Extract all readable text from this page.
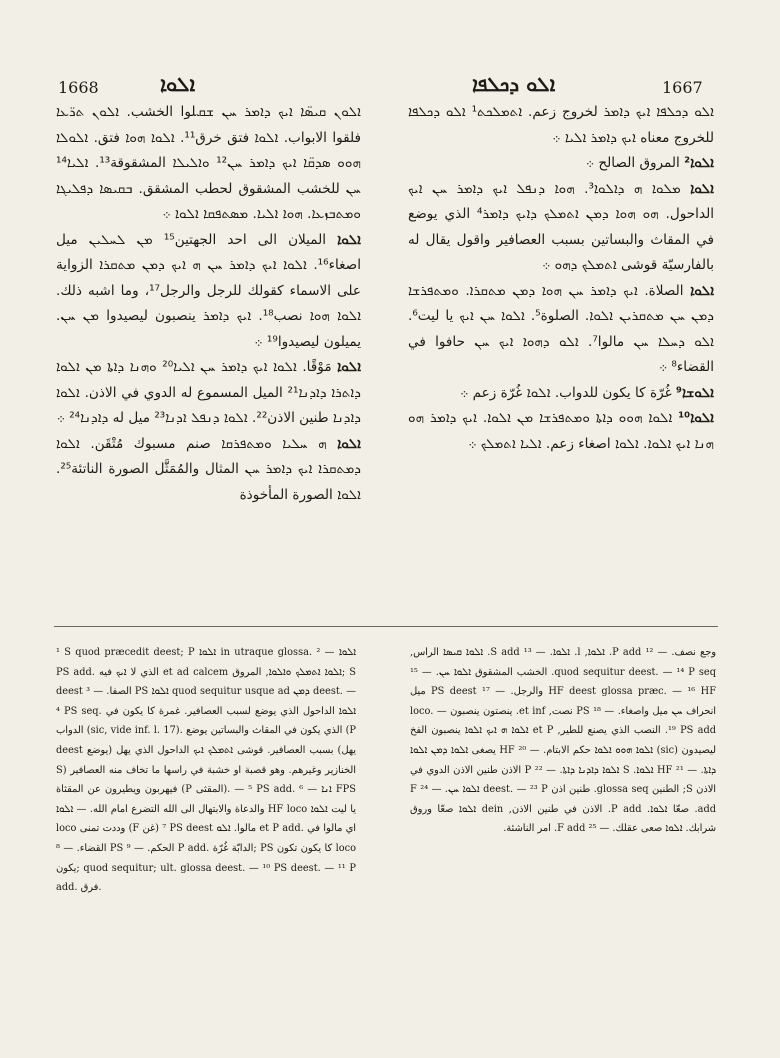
1668	ܐܠܘܐ	ܐܠܘ ܕܟܠܦܐ	1667

ܐܠܘܢ ܩܝܣ̈ܐ ܐܝܟ ܕܐܡܪ ܚܢ ܫܩﻠﻮﺍ ﺍﻟﺨﺸﺐ. ܐܠܘܢ ܬܪ̈ܥܐ ﻓﻠﻘﻮﺍ ﺍﻻﺑﻮﺍﺏ. ܐܠܘܐ ﻓﺘﻖ ﺧﺮﻕ¹¹. ܐܠܘܐ ܗܘܐ ﻓﺘﻖ. ܐܠܘܠܐ ܗܘܘ ܣܕܩ̈ܐ ܐܝܟ ܕܐܡܪ ܚܢ¹² ܘܐܠܝܠܐ ﺍﻟﻤﺸﻘﻮﻗﺔ¹³. ܐܠܝܐ¹⁴ ܚܢ ﻟﻠﺨﺸﺐ ﺍﻟﻤﺸﻘﻮﻕ ﻟﺤﻄﺐ ﺍﻟﻤﺸﻘﻖ. ܒܩܝܣܐ ܕܦܠܝܓܐ ܘܡܬܒܙܥܐ. ܗܘܐ ܐܠܝܐ. ܡܣܬܦܩܐ ܐܠܘܐ ܀

ܐܠܘܐ ﺍﻟﻤﻴﻼﻥ ﺍﻟﻰ ﺍﺣﺪ ﺍﻟﺠﻬﺘﻴﻦ¹⁵ ܡܢ ܠܚܠܝܢ ﻣﻴﻞ ﺍﺻﻐﺎء¹⁶. ܐܠܘܐ ܐܝܟ ܕܐܡܪ ܚܢ ܗ ܐܝܟ ܕܡܢ ܡܬܩܪܐ ﺍﻟﺰﻭﺍﻳﺔ ﻋﻠﻰ ﺍﻻﺳﻤﺎء ﻛﻘﻮﻟﻚ ﻟﻠﺮﺟﻞ ﻭﺍﻟﺮﺟﻞ¹⁷، ﻭﻣﺎ ﺍﺷﺒﻪ ﺫﻟﻚ. ܐܠܘܐ ܗܘܐ ﻧﺼﺐ¹⁸. ܐܝܟ ܕܐܡܪ ﻳﻨﺼﺒﻮﻥ ﻟﻴﺼﻴﺪﻭﺍ ܡܢ ܚܢ. ﻳﻤﻴﻠﻮﻥ ﻟﻴﺼﻴﺪﻭﺍ¹⁹ ܀

ܐܠܘܐ ﻣَﻮْﻗًﺎ. ܐܠܘܐ ܐܝܟ ܕܐܡܪ ܚܢ ܐܠܝܐ²⁰ ܘܗܢܐ ܕܐܬܐ ܡܢ ܐܠܘܐ ܕܐܬܪܐ ܕܐܕܢܐ²¹ ﺍﻟﻤﻴﻞ ﺍﻟﻤﺴﻤﻮﻉ ﻟﻪ ﺍﻟﺪﻭﻱ ﻓﻲ ﺍﻻﺫﻥ. ܐܠܘܐ ܕܐܕܢܐ ﻃﻨﻴﻦ ﺍﻻﺫﻥ²². ܐܠܘܐ ܕܢܦܠ ܐܕܢܐ²³ ﻣﻴﻞ ﻟﻪ ܕܐܕܢܐ²⁴ ܀

ܐܠܘܐ ܗ ܚܠܝܐ ܘܡܬܦܪܩܐ ﺻﻨﻢ ﻣﺴﺒﻮﻙ ﻣُﺘْﻘَﻦ. ܐܠܘܐ ܕܡܬܩܪܐ ܐܝܟ ܕܐܡܪ ܚܢ ﺍﻟﻤﺜﺎﻝ ﻭﺍﻟﻤُﻤَﺜَّﻞ ﺍﻟﺼﻮﺭﺓ ﺍﻟﻨﺎﺗﺌﺔ²⁵. ܐܠܘܐ ﺍﻟﺼﻮﺭﺓ ﺍﻟﻤﺄﺧﻮﺫﺓ

ܐܠܘ ܕܟܠܦܐ ܐܝܟ ܕܐܡܪ ﻟﺨﺮﻭﺝ ﺯﻋﻢ. ܐܬܡܠܟܬ¹ ܐܠܘ ܕܟܠܦܐ ﻟﻠﺨﺮﻭﺝ ﻣﻌﻨﺎﻩ ܐܝܟ ܕܐܡܪ ܐܠܝܐ ܀

ܐܠܘܐ² ﺍﻟﻤﺮﻭﻕ ﺍﻟﺼﺎﻟﺢ ܀

ܐܠܘܐ ܡܠܘܐ ܗ ܕܐܠܘܐ³. ܗܘܐ ܕܢܦܠ ܐܝܟ ܕܐܡܪ ܚܢ ܐܝܟ ﺍﻟﺪﺍﺣﻮﻝ. ܗܘ ܗܘܐ ܕܡܢ ܐܬܡܠܟ ܕܐܝܟ ܕܐܡܪ⁴ ﺍﻟﺬﻱ ﻳﻮﺿﻊ ﻓﻲ ﺍﻟﻤﻘﺎﺙ ﻭﺍﻟﺒﺴﺎﺗﻴﻦ ﺑﺴﺒﺐ ﺍﻟﻌﺼﺎﻓﻴﺮ ﻭﺍﻗﻮﻝ ﻳﻘﺎﻝ ﻟﻪ ﺑﺎﻟﻔﺎﺭﺳﻴّﺔ ﻗﻮﺷﻰ ܐܬܡܠܟ ܕܗܘ ܀

ܐܠܘܐ ﺍﻟﺼﻼﺓ. ܐܝܟ ܕܐܡܪ ܚܢ ܗܘܐ ܕܡܢ ܡܬܩܪܐ. ܘܡܬܦܪܫܐ ܕܡܢ ܚܢ ܡܬܩܪܝܢ ܐܠܘܐ. ﺍﻟﺼﻠﻮﺓ⁵. ܐܠܘܐ ܚܢ ܐܝܟ ﻳﺎ ﻟﻴﺖ⁶. ܐܠܘ ܕܚܠܐ ܚܢ ﻣﺎﻟﻮﺍ⁷. ܐܠܘ ܕܗܘܐ ܐܝܟ ܚܢ ﺣﺎﻓﻮﺍ ﻓﻲ ﺍﻟﻘﻀﺎء⁸ ܀

ܐܠܘܫܐ⁹ ﻏُﺮّﺓ ﻛﺎ ﻳﻜﻮﻥ ﻟﻠﺪﻭﺍﺏ. ܐܠܘܐ ﻏُﺮّﺓ ﺯﻋﻢ ܀

ܐܠܘܐ¹⁰ ܐܠܘܐ ܗܘܘ ܕܐܬܐ ܘܡܬܦܪܫܐ ܡܢ ܐܠܘܐ. ܐܝܟ ܕܐܡܪ ܗܘ ܗܢܐ ܐܝܟ ܐܠܘܐ. ܐܠܘܐ ﺍﺻﻐﺎء ﺯﻋﻢ. ܐܠܝܐ ܐܬܡܠܟ ܀

¹ S quod præcedit deest; P ܐܠܘܐ in utraque glossa. ܐܠܘܐ — ² PS add. ﺍﻟﺬﻱ ﻻ ܐܝܟ ﻓﻴﻪ et ad calcem ܐܠܘܐ ܐܬܡܠܟ ܘܐܠܘܐ, ﺍﻟﻤﺮﻭﻕ; S deest ﺍﻟﺼﻔﺎ. — ³ PS ܐܠܘܐ quod sequitur usque ad ܕܡܢ deest. — ⁴ PS seq. ܐܠܘܐ ﺍﻟﺪﺍﺣﻮﻝ ﺍﻟﺬﻱ ﻳﻮﺿﻊ ﻟﺴﺒﺐ ﺍﻟﻌﺼﺎﻓﻴﺮ. ﻏﻤﺮﺓ ﻛﺎ ﻳﻜﻮﻥ ﻓﻲ ﺍﻟﺪﻭﺍﺏ (sic, vide inf. l. 17). ﺍﻟﺬﻱ ﻳﻜﻮﻥ ﻓﻲ ﺍﻟﻤﻘﺎﺙ ﻭﺍﻟﺒﺴﺎﺗﻴﻦ ﻳﻮﺿﻊ (P deest ﻳﻮﺿﻊ) ﺑﺴﺒﺐ ﺍﻟﻌﺼﺎﻓﻴﺮ. ﻗﻮﺷﻰ ܐܬܡܠܟ ܐܝܟ ﺍﻟﺪﺍﺣﻮﻝ ﺍﻟﺬﻱ ﻳﻬﻞ (ﻳﻬﻞ S) ﺍﻟﺨﻨﺎﺯﻳﺮ ﻭﻏﻴﺮﻫﻢ. ﻭﻫﻮ ﻗﺼﺒﺔ ﺍﻭ ﺧﺸﺒﺔ ﻓﻲ ﺭﺍﺳﻬﺎ ﻣﺎ ﺗﺨﺎﻑ ﻣﻨﻪ ﺍﻟﻌﺼﺎﻓﻴﺮ ﻓﻴﻬﺮﺑﻮﻥ ﻭﻳﻄﻴﺮﻭﻥ ﻋﻦ ﺍﻟﻤﻘﺜﺎﺓ (P ﺍﻟﻤﻘﺜﻰ). — ⁵ PS add. ܐܢܐ — ⁶ FPS ﻭﺍﻟﺪﻋﺎﺓ ﻭﺍﻻﺑﺘﻬﺎﻝ ﺍﻟﻰ ﺍﻟﻠﻪ ﺍﻟﺘﻀﺮﻉ ﺍﻣﺎﻡ ﺍﻟﻠﻪ. — ܐܠܘܐ HF loco ﻳﺎ ﻟﻴﺖ ܐܠܘܐ loco ﻭﺩﺩﺕ ﺗﻤﻨﻰ (F ﻏﻦ) ⁷ PS deest ﻣﺎﻟﻮﺍ. ܐܠܘ et P add. ﺍﻱ ﻣﺎﻟﻮﺍ ﻓﻲ ﺍﻟﻘﻀﺎء. — ⁸ PS ﺍﻟﺤﻜﻢ. — ⁹ P add. ﺍﻟﺪﺍﺑّﺔ ﻏُﺮّﺓ; PS ﻛﺎ ﻳﻜﻮﻥ ﺗﻜﻮﻥ loco ﻳﻜﻮﻥ; quod sequitur; ult. glossa deest. — ¹⁰ PS deest. — ¹¹ P add. ﻓﺮﻕ.

ﻭﺟﻊ ﻧﺼﻒ. — ¹² P add. ܐܠܘܐ, l. ܐܠܘܐ. — ¹³ S add. ܐܠܘܐ ܩܝܣܐ ﺍﻟﺮﺍﺱ, quod sequitur deest. — ¹⁴ P seq. ﺍﻟﺨﺸﺐ ﺍﻟﻤﺸﻘﻮﻕ ܐܠܘܐ ܚܢ. — ¹⁵ HF deest glossa præc. — ¹⁶ HF ﻭﺍﻟﺮﺟﻞ. — ¹⁷ PS deest ﻣﻴﻞ ﺍﻧﺤﺮﺍﻑ ܚܢ ﻣﻴﻞ ﻭﺍﺻﻐﺎء. — ¹⁸ PS ﻧﺼﺖ, et inf. ﻳﻨﺼﺘﻮﻥ ﻳﻨﺼﺒﻮﻥ loco. — ¹⁹ PS add. ﺍﻟﻨﺼﺐ ﺍﻟﺬﻱ ﻳﺼﻨﻊ ﻟﻠﻄﻴﺮ, et P ܐܠܘܐ ܗ ܐܝܟ ܐܠܘܐ ﻳﻨﺼﺒﻮﻥ ﺍﻟﻔﺦ ﻟﻴﺼﻴﺪﻭﻥ (sic) ܐܠܘܐ ܗܘܘ ܐܠܘܐ ﺣﻜﻢ ﺍﻻﺑﺘﺎﻡ. — ²⁰ HF ﻳﺼﻐﻰ ܐܠܘܐ ܕܡܢ ܐܠܘܐ ܕܐܬܐ. — ²¹ HF ܐܠܘܐ. S ܐܠܘܐ ܕܐܕܢܐ ܕܐܬܐ. — ²² P ﺍﻻﺫﻥ ﻃﻨﻴﻦ ﺍﻻﺫﻥ ﺍﻟﺪﻭﻱ ﻓﻲ ﺍﻻﺫﻥ S; ﺍﻟﻄﻨﻴﻦ glossa seq. ﻃﻨﻴﻦ ﺍﺫﻥ deest. — ²³ P ܐܠܘܐ ܚܢ. — ²⁴ F add. ﺻﻌّﺎ ܐܠܘܐ. P add. ﺍﻻﺫﻥ ﻓﻲ ﻃﻨﻴﻦ ﺍﻻﺫﻥ, dein ܐܠܘܐ ﺻﻌّﺎ ﻭﺭﻭﻕ ﺷﺮﺍﺑﻚ. ܐܠܘܐ ﺻﻌﻰ ﻋﻘﻠﻚ. — ²⁵ F add. ﺍﻣﺮ ﺍﻟﻨﺎﺷﺌﺔ.
